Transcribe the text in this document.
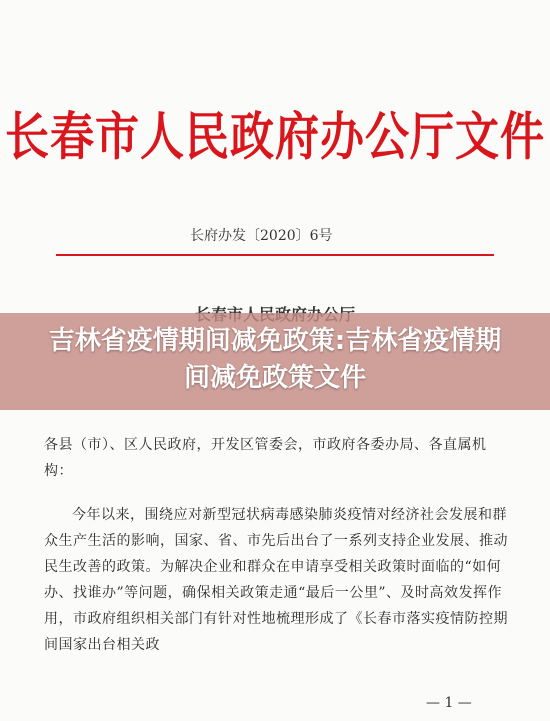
长春市人民政府办公厅文件
长府办发〔2020〕6号

各县（市）、区人民政府，开发区管委会，市政府各委办局、各直属机构：

今年以来，围绕应对新型冠状病毒感染肺炎疫情对经济社会发展和群众生产生活的影响，国家、省、市先后出台了一系列支持企业发展、推动民生改善的政策。为解决企业和群众在申请享受相关政策时面临的“如何办、找谁办”等问题，确保相关政策走通“最后一公里”、及时高效发挥作用，市政府组织相关部门有针对性地梳理形成了《长春市落实疫情防控期间国家出台相关政

— 1 —
吉林省疫情期间减免政策:吉林省疫情期间减免政策文件
